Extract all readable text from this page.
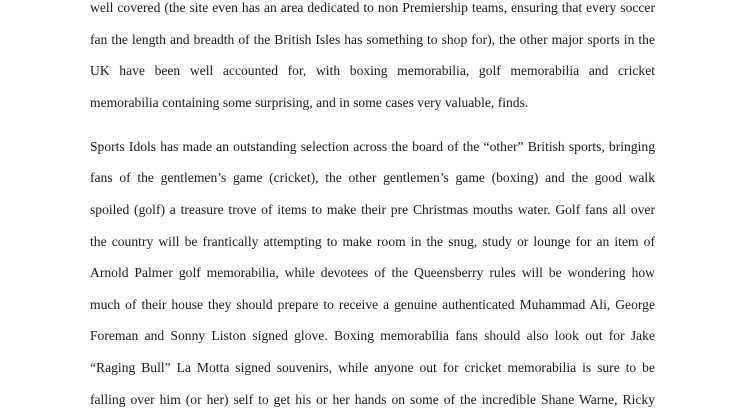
well covered (the site even has an area dedicated to non Premiership teams, ensuring that every soccer
fan the length and breadth of the British Isles has something to shop for), the other major sports in the
UK have been well accounted for, with boxing memorabilia, golf memorabilia and cricket
memorabilia containing some surprising, and in some cases very valuable, finds.
Sports Idols has made an outstanding selection across the board of the “other” British sports, bringing
fans of the gentlemen’s game (cricket), the other gentlemen’s game (boxing) and the good walk
spoiled (golf) a treasure trove of items to make their pre Christmas mouths water. Golf fans all over
the country will be frantically attempting to make room in the snug, study or lounge for an item of
Arnold Palmer golf memorabilia, while devotees of the Queensberry rules will be wondering how
much of their house they should prepare to receive a genuine authenticated Muhammad Ali, George
Foreman and Sonny Liston signed glove. Boxing memorabilia fans should also look out for Jake
“Raging Bull” La Motta signed souvenirs, while anyone out for cricket memorabilia is sure to be
falling over him (or her) self to get his or her hands on some of the incredible Shane Warne, Ricky
